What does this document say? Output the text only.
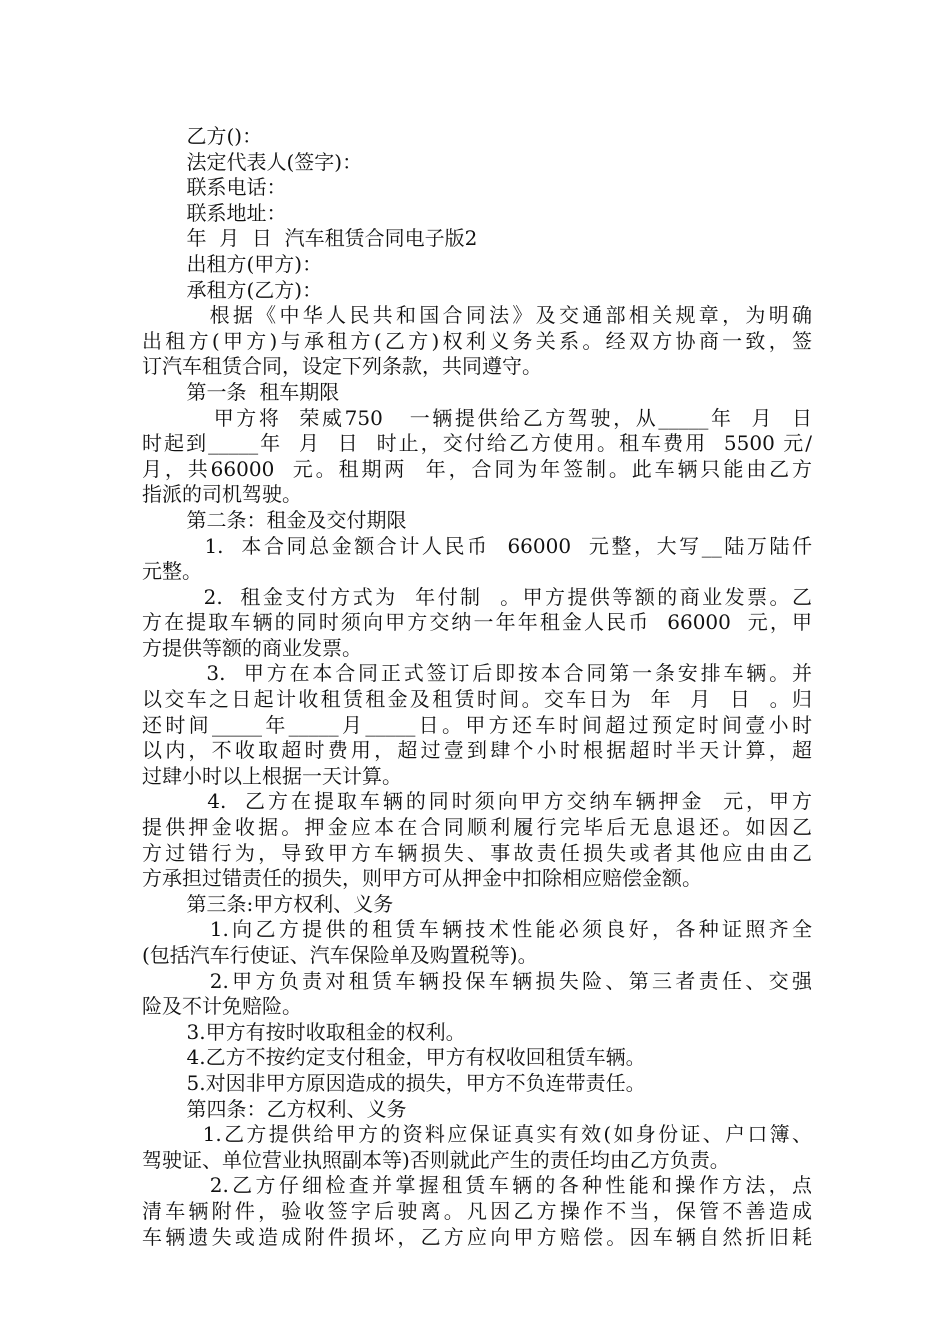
乙方()：
法定代表人(签字)：
联系电话：
联系地址：
年  月  日  汽车租赁合同电子版2
出租方(甲方)：
承租方(乙方)：
根据《中华人民共和国合同法》及交通部相关规章，为明确
出租方(甲方)与承租方(乙方)权利义务关系。经双方协商一致，签
订汽车租赁合同，设定下列条款，共同遵守。
第一条  租车期限
甲方将  荣威750   一辆提供给乙方驾驶，从_____年  月  日
时起到_____年  月  日  时止，交付给乙方使用。租车费用  5500 元/
月，共66000  元。租期两  年，合同为年签制。此车辆只能由乙方
指派的司机驾驶。
第二条：租金及交付期限
1.  本合同总金额合计人民币  66000  元整，大写__陆万陆仟
元整。
2.  租金支付方式为  年付制  。甲方提供等额的商业发票。乙
方在提取车辆的同时须向甲方交纳一年年租金人民币  66000  元，甲
方提供等额的商业发票。
3.  甲方在本合同正式签订后即按本合同第一条安排车辆。并
以交车之日起计收租赁租金及租赁时间。交车日为  年  月  日  。归
还时间_____年_____月_____日。甲方还车时间超过预定时间壹小时
以内，不收取超时费用，超过壹到肆个小时根据超时半天计算，超
过肆小时以上根据一天计算。
4.  乙方在提取车辆的同时须向甲方交纳车辆押金  元，甲方
提供押金收据。押金应本在合同顺利履行完毕后无息退还。如因乙
方过错行为，导致甲方车辆损失、事故责任损失或者其他应由由乙
方承担过错责任的损失，则甲方可从押金中扣除相应赔偿金额。
第三条:甲方权利、义务
1.向乙方提供的租赁车辆技术性能必须良好，各种证照齐全
(包括汽车行使证、汽车保险单及购置税等)。
2.甲方负责对租赁车辆投保车辆损失险、第三者责任、交强
险及不计免赔险。
3.甲方有按时收取租金的权利。
4.乙方不按约定支付租金，甲方有权收回租赁车辆。
5.对因非甲方原因造成的损失，甲方不负连带责任。
第四条：乙方权利、义务
1.乙方提供给甲方的资料应保证真实有效(如身份证、户口簿、
驾驶证、单位营业执照副本等)否则就此产生的责任均由乙方负责。
2.乙方仔细检查并掌握租赁车辆的各种性能和操作方法，点
清车辆附件，验收签字后驶离。凡因乙方操作不当，保管不善造成
车辆遗失或造成附件损坏，乙方应向甲方赔偿。因车辆自然折旧耗
